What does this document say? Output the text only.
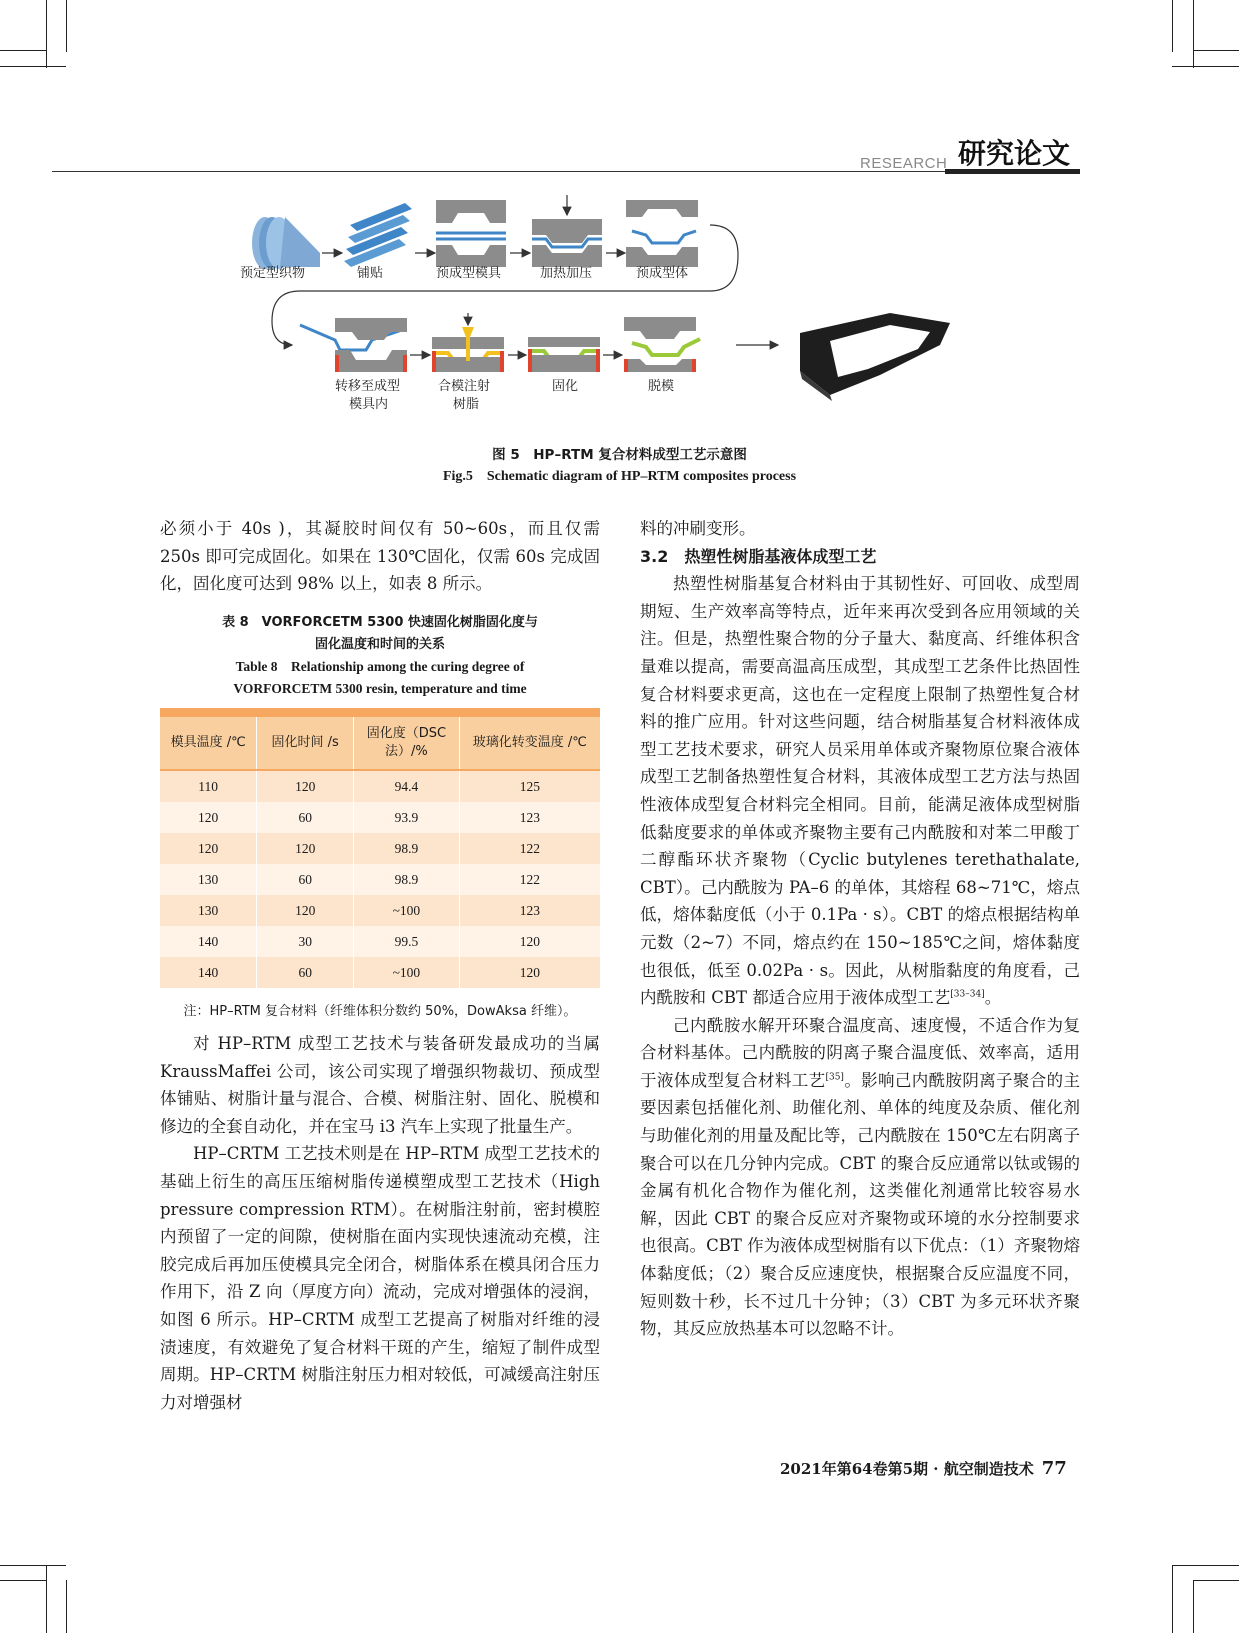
RESEARCH 研究论文
预定型织物	铺贴	预成型模具	加热加压	预成型体
转移至成型
模具内
合模注射
树脂
固化	脱模
图 5　HP–RTM 复合材料成型工艺示意图
Fig.5　Schematic diagram of HP–RTM composites process

必须小于 40s )，其凝胶时间仅有 50~60s，而且仅需 250s 即可完成固化。如果在 130℃固化，仅需 60s 完成固化，固化度可达到 98% 以上，如表 8 所示。

表 8　VORFORCETM 5300 快速固化树脂固化度与
固化温度和时间的关系
Table 8　Relationship among the curing degree of
VORFORCETM 5300 resin, temperature and time

模具温度 /℃	固化时间 /s	固化度（DSC 法）/%	玻璃化转变温度 /℃
110	120	94.4	125
120	60	93.9	123
120	120	98.9	122
130	60	98.9	122
130	120	~100	123
140	30	99.5	120
140	60	~100	120
注：HP–RTM 复合材料（纤维体积分数约 50%，DowAksa 纤维）。

对 HP–RTM 成型工艺技术与装备研发最成功的当属 KraussMaffei 公司，该公司实现了增强织物裁切、预成型体铺贴、树脂计量与混合、合模、树脂注射、固化、脱模和修边的全套自动化，并在宝马 i3 汽车上实现了批量生产。

HP–CRTM 工艺技术则是在 HP–RTM 成型工艺技术的基础上衍生的高压压缩树脂传递模塑成型工艺技术（High pressure compression RTM）。在树脂注射前，密封模腔内预留了一定的间隙，使树脂在面内实现快速流动充模，注胶完成后再加压使模具完全闭合，树脂体系在模具闭合压力作用下，沿 Z 向（厚度方向）流动，完成对增强体的浸润，如图 6 所示。HP–CRTM 成型工艺提高了树脂对纤维的浸渍速度，有效避免了复合材料干斑的产生，缩短了制件成型周期。HP–CRTM 树脂注射压力相对较低，可减缓高注射压力对增强材

料的冲刷变形。

3.2　热塑性树脂基液体成型工艺

热塑性树脂基复合材料由于其韧性好、可回收、成型周期短、生产效率高等特点，近年来再次受到各应用领域的关注。但是，热塑性聚合物的分子量大、黏度高、纤维体积含量难以提高，需要高温高压成型，其成型工艺条件比热固性复合材料要求更高，这也在一定程度上限制了热塑性复合材料的推广应用。针对这些问题，结合树脂基复合材料液体成型工艺技术要求，研究人员采用单体或齐聚物原位聚合液体成型工艺制备热塑性复合材料，其液体成型工艺方法与热固性液体成型复合材料完全相同。目前，能满足液体成型树脂低黏度要求的单体或齐聚物主要有己内酰胺和对苯二甲酸丁二醇酯环状齐聚物（Cyclic butylenes terethathalate, CBT）。己内酰胺为 PA–6 的单体，其熔程 68~71℃，熔点低，熔体黏度低（小于 0.1Pa · s）。CBT 的熔点根据结构单元数（2~7）不同，熔点约在 150~185℃之间，熔体黏度也很低，低至 0.02Pa · s。因此，从树脂黏度的角度看，己内酰胺和 CBT 都适合应用于液体成型工艺[33–34]。

己内酰胺水解开环聚合温度高、速度慢，不适合作为复合材料基体。己内酰胺的阴离子聚合温度低、效率高，适用于液体成型复合材料工艺[35]。影响己内酰胺阴离子聚合的主要因素包括催化剂、助催化剂、单体的纯度及杂质、催化剂与助催化剂的用量及配比等，己内酰胺在 150℃左右阴离子聚合可以在几分钟内完成。CBT 的聚合反应通常以钛或锡的金属有机化合物作为催化剂，这类催化剂通常比较容易水解，因此 CBT 的聚合反应对齐聚物或环境的水分控制要求也很高。CBT 作为液体成型树脂有以下优点：（1）齐聚物熔体黏度低；（2）聚合反应速度快，根据聚合反应温度不同，短则数十秒，长不过几十分钟；（3）CBT 为多元环状齐聚物，其反应放热基本可以忽略不计。

2021年第64卷第5期 · 航空制造技术 77
